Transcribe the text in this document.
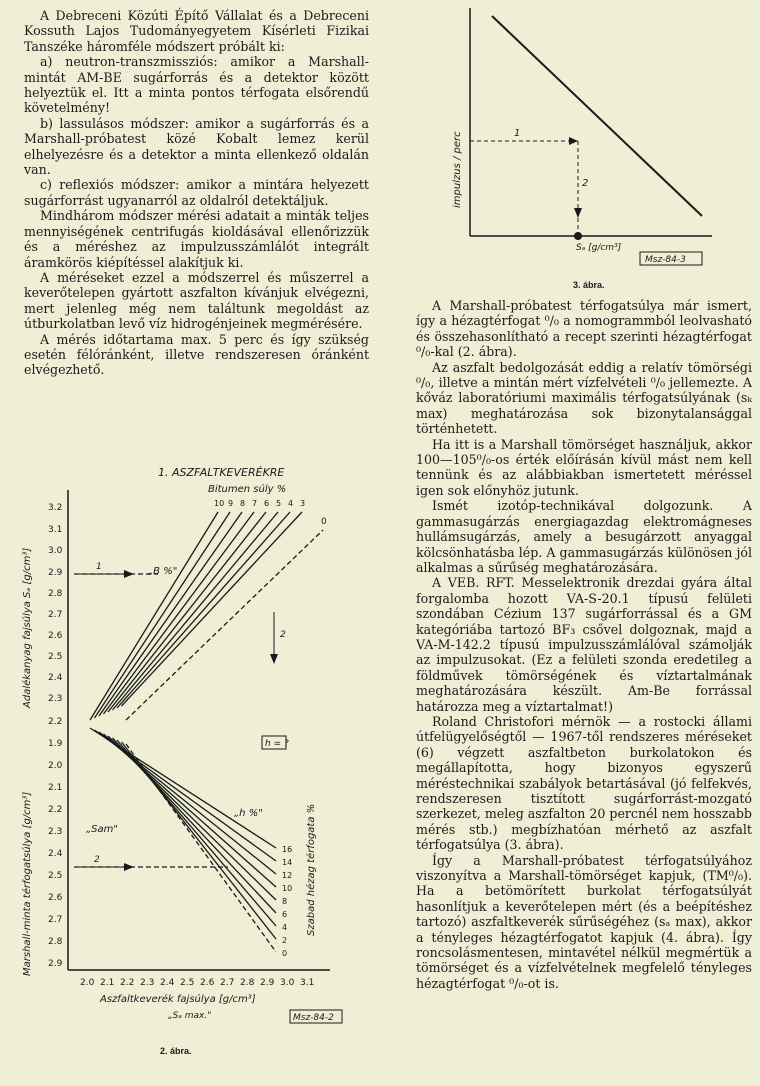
A Debreceni Közúti Építő Vállalat és a Debreceni Kossuth Lajos Tudományegyetem Kísérleti Fizikai Tanszéke háromféle módszert próbált ki:

a) neutron-transzmissziós: amikor a Marshall-mintát AM-BE sugárforrás és a detektor között helyeztük el. Itt a minta pontos térfogata elsőrendű követelmény!

b) lassulásos módszer: amikor a sugárforrás és a Marshall-próbatest közé Kobalt lemez kerül elhelyezésre és a detektor a minta ellenkező oldalán van.

c) reflexiós módszer: amikor a mintára helyezett sugárforrást ugyanarról az oldalról detektáljuk.

Mindhárom módszer mérési adatait a minták teljes mennyiségének centrifugás kioldásával ellenőrizzük és a méréshez az impulzusszámlálót integrált áramkörös kiépítéssel alakítjuk ki.

A méréseket ezzel a módszerrel és műszerrel a keverőtelepen gyártott aszfalton kívánjuk elvégezni, mert jelenleg még nem találtunk megoldást az útburkolatban levő víz hidrogénjeinek megmérésére.

A mérés időtartama max. 5 perc és így szükség esetén félóránként, illetve rendszeresen óránként elvégezhető.

A Marshall-próbatest térfogatsúlya már ismert, így a hézagtérfogat ⁰/₀ a nomogrammból leolvasható és összehasonlítható a recept szerinti hézagtérfogat ⁰/₀-kal (2. ábra).

Az aszfalt bedolgozását eddig a relatív tömörségi ⁰/₀, illetve a mintán mért vízfelvételi ⁰/₀ jellemezte. A kőváz laboratóriumi maximális térfogatsúlyának (sₖ max) meghatározása sok bizonytalansággal történhetett.

Ha itt is a Marshall tömörséget használjuk, akkor 100—105⁰/₀-os érték előírásán kívül mást nem kell tennünk és az alábbiakban ismertetett méréssel igen sok előnyhöz jutunk.

Ismét izotóp-technikával dolgozunk. A gammasugárzás energiagazdag elektromágneses hullámsugárzás, amely a besugárzott anyaggal kölcsönhatásba lép. A gammasugárzás különösen jól alkalmas a sűrűség meghatározására.

A VEB. RFT. Messelektronik drezdai gyára által forgalomba hozott VA-S-20.1 típusú felületi szondában Cézium 137 sugárforrással és a GM kategóriába tartozó BF₃ csővel dolgoznak, majd a VA-M-142.2 típusú impulzusszámlálóval számolják az impulzusokat. (Ez a felületi szonda eredetileg a földművek tömörségének és víztartalmának meghatározására készült. Am-Be forrással határozza meg a víztartalmat!)

Roland Christofori mérnök — a rostocki állami útfelügyelőségtől — 1967-től rendszeres méréseket (6) végzett aszfaltbeton burkolatokon és megállapította, hogy bizonyos egyszerű méréstechnikai szabályok betartásával (jó felfekvés, rendszeresen tisztított sugárforrást-mozgató szerkezet, meleg aszfalton 20 percnél nem hosszabb mérés stb.) megbízhatóan mérhető az aszfalt térfogatsúlya (3. ábra).

Így a Marshall-próbatest térfogatsúlyához viszonyítva a Marshall-tömörséget kapjuk, (TM⁰/₀). Ha a betömörített burkolat térfogatsúlyát hasonlítjuk a keverőtelepen mért (és a beépítéshez tartozó) aszfaltkeverék sűrűségéhez (sₐ max), akkor a tényleges hézagtérfogatot kapjuk (4. ábra). Így roncsolásmentesen, mintavétel nélkül megmértük a tömörséget és a vízfelvételnek megfelelő tényleges hézagtérfogat ⁰/₀-ot is.

impulzus / perc	1
2
Sₐ [g/cm³]
Msz-84-3
3. ábra.
3.2
3.1
3.0
2.9
2.8
2.7
2.6
2.5
2.4
2.3
2.2
1.9
2.0
2.1
2.2
2.3
2.4
2.5
2.6
2.7
2.8
2.9
2.0 2.1 2.2 2.3 2.4 2.5 2.6 2.7 2.8 2.9 3.0 3.1
1. ASZFALTKEVERÉKRE
Bitumen súly %
10 9 8 7 6 5 4 3
0
Adalékanyag fajsúlya Sₐ [g/cm³]
Marshall-minta térfogatsúlya [g/cm³]
Aszfaltkeverék fajsúlya [g/cm³]
„Sₐ max."
Szabad hézag térfogata %
16
14
12
10
8
6
4
2
0
„B %"
„h %"
„Sam"
h = ?
1
2
2
Msz-84-2
2. ábra.
